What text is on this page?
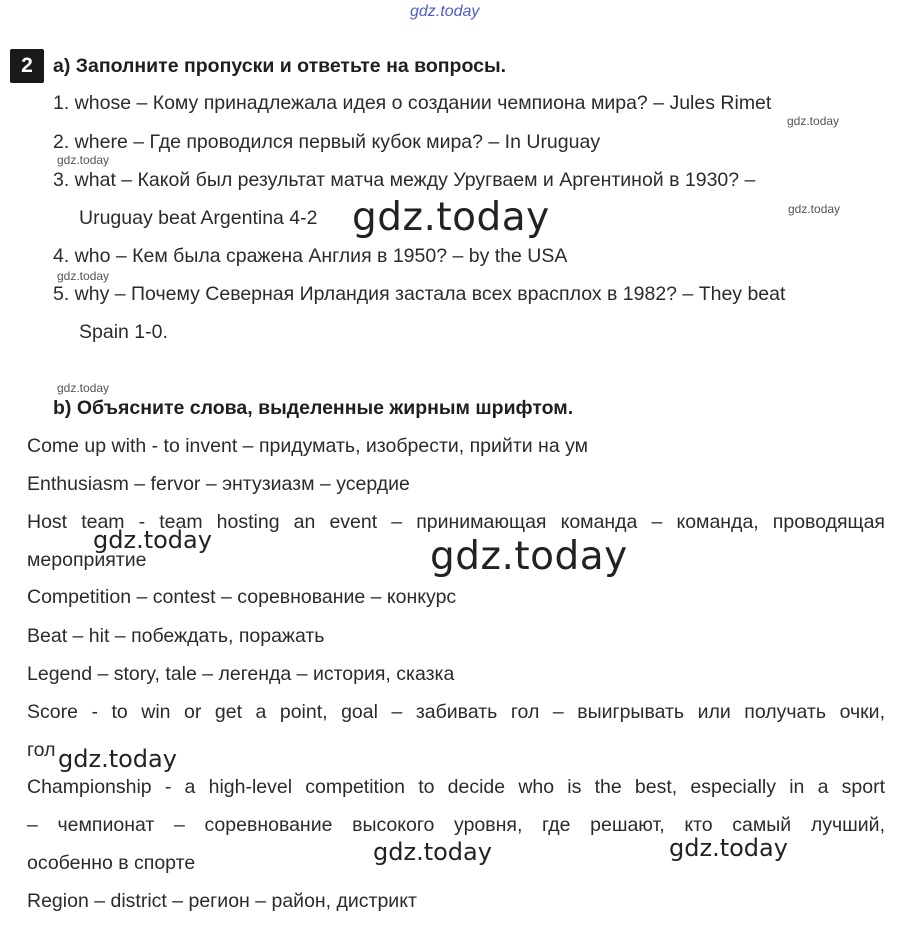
gdz.today
2	a) Заполните пропуски и ответьте на вопросы.
1. whose – Кому принадлежала идея о создании чемпиона мира? – Jules Rimet
2. where – Где проводился первый кубок мира? – In Uruguay
3. what – Какой был результат матча между Уругваем и Аргентиной в 1930? –
Uruguay beat Argentina 4-2
4. who – Кем была сражена Англия в 1950? – by the USA
5. why – Почему Северная Ирландия застала всех врасплох в 1982? – They beat
Spain 1-0.
b) Объясните слова, выделенные жирным шрифтом.
Come up with - to invent – придумать, изобрести, прийти на ум
Enthusiasm – fervor – энтузиазм – усердие
Host team - team hosting an event – принимающая команда – команда, проводящая
мероприятие
Competition – contest – соревнование – конкурс
Beat – hit – побеждать, поражать
Legend – story, tale – легенда – история, сказка
Score - to win or get a point, goal – забивать гол – выигрывать или получать очки,
гол
Championship - a high-level competition to decide who is the best, especially in a sport
– чемпионат – соревнование высокого уровня, где решают, кто самый лучший,
особенно в спорте
Region – district – регион – район, дистрикт
gdz.today
gdz.today
gdz.today
gdz.today
gdz.today
gdz.today
gdz.today	gdz.today
gdz.today
gdz.today	gdz.today
